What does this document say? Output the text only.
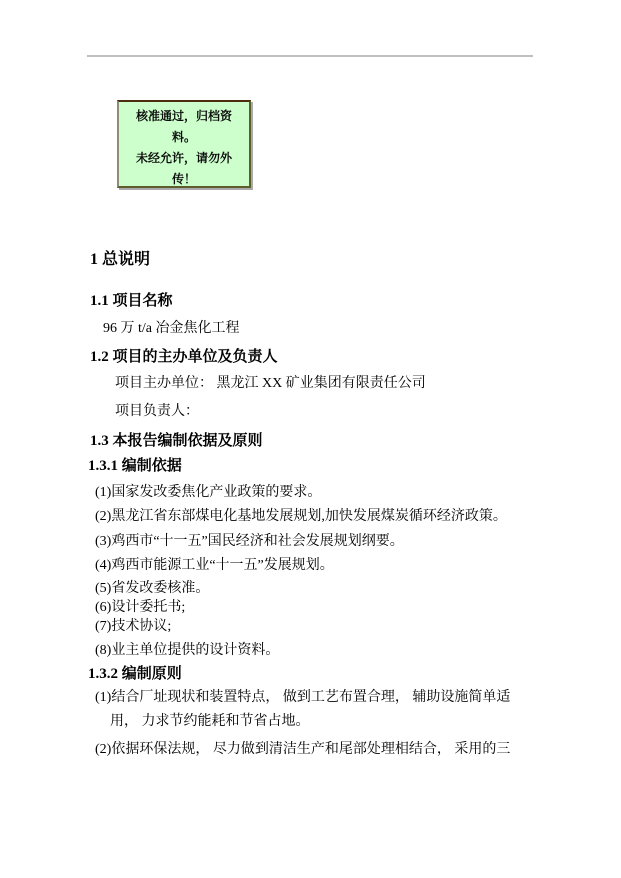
核准通过，归档资
料。
未经允许，请勿外
传！
1 总说明
1.1 项目名称
96 万 t/a 冶金焦化工程
1.2 项目的主办单位及负责人
项目主办单位： 黑龙江 XX 矿业集团有限责任公司
项目负责人：
1.3 本报告编制依据及原则
1.3.1 编制依据
(1)国家发改委焦化产业政策的要求。
(2)黑龙江省东部煤电化基地发展规划,加快发展煤炭循环经济政策。
(3)鸡西市“十一五”国民经济和社会发展规划纲要。
(4)鸡西市能源工业“十一五”发展规划。
(5)省发改委核准。
(6)设计委托书;
(7)技术协议;
(8)业主单位提供的设计资料。
1.3.2 编制原则
(1)结合厂址现状和装置特点， 做到工艺布置合理， 辅助设施简单适
用， 力求节约能耗和节省占地。
(2)依据环保法规， 尽力做到清洁生产和尾部处理相结合， 采用的三
